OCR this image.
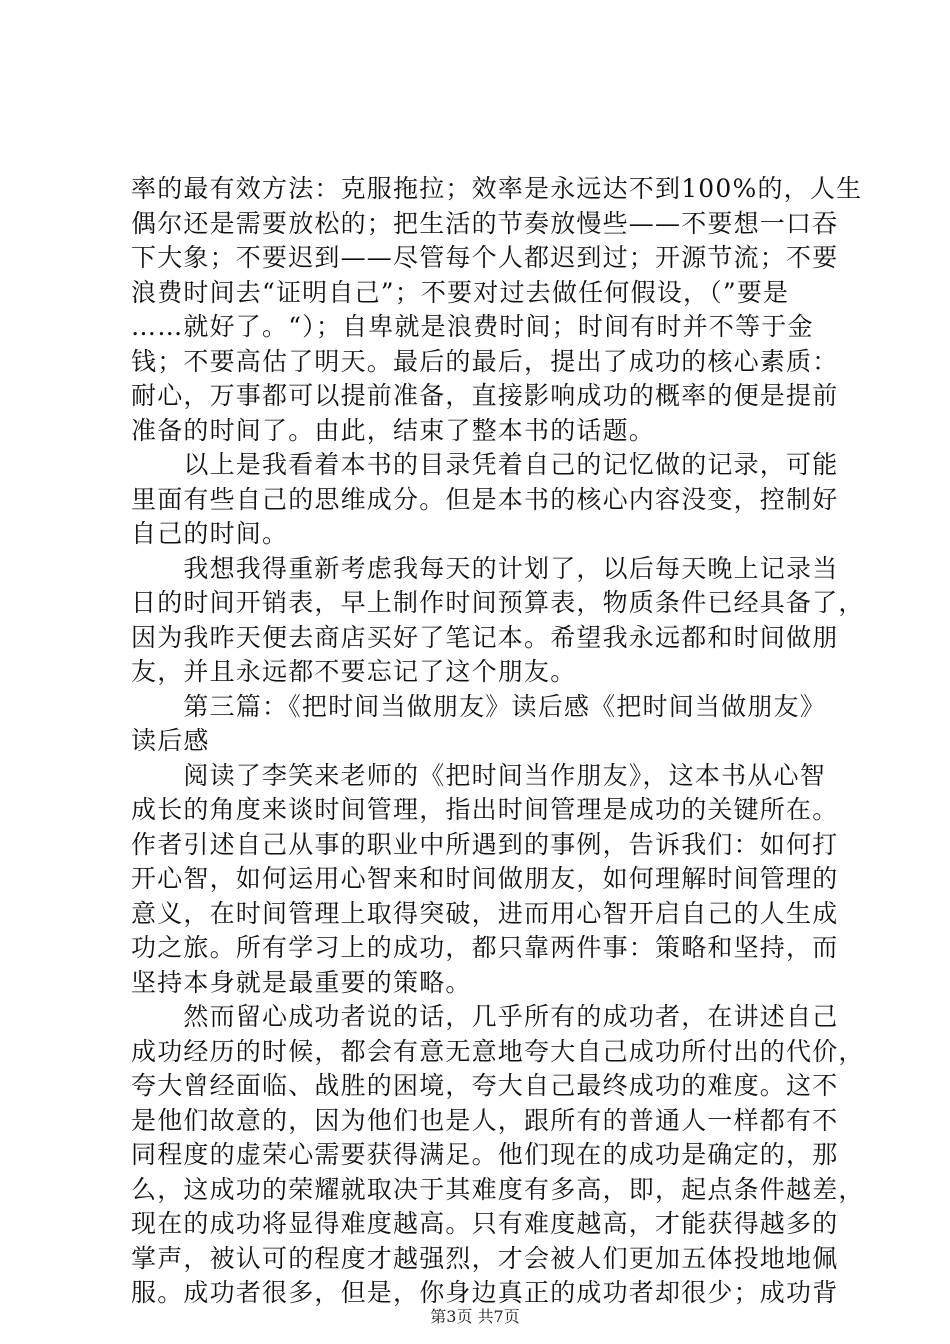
率的最有效方法：克服拖拉；效率是永远达不到100%的，人生
偶尔还是需要放松的；把生活的节奏放慢些——不要想一口吞
下大象；不要迟到——尽管每个人都迟到过；开源节流；不要
浪费时间去“证明自己”；不要对过去做任何假设，（”要是
……就好了。“）；自卑就是浪费时间；时间有时并不等于金
钱；不要高估了明天。最后的最后，提出了成功的核心素质：
耐心，万事都可以提前准备，直接影响成功的概率的便是提前
准备的时间了。由此，结束了整本书的话题。
　　以上是我看着本书的目录凭着自己的记忆做的记录，可能
里面有些自己的思维成分。但是本书的核心内容没变，控制好
自己的时间。
　　我想我得重新考虑我每天的计划了，以后每天晚上记录当
日的时间开销表，早上制作时间预算表，物质条件已经具备了，
因为我昨天便去商店买好了笔记本。希望我永远都和时间做朋
友，并且永远都不要忘记了这个朋友。
　　第三篇：《把时间当做朋友》读后感《把时间当做朋友》
读后感
　　阅读了李笑来老师的《把时间当作朋友》，这本书从心智
成长的角度来谈时间管理，指出时间管理是成功的关键所在。
作者引述自己从事的职业中所遇到的事例，告诉我们：如何打
开心智，如何运用心智来和时间做朋友，如何理解时间管理的
意义，在时间管理上取得突破，进而用心智开启自己的人生成
功之旅。所有学习上的成功，都只靠两件事：策略和坚持，而
坚持本身就是最重要的策略。
　　然而留心成功者说的话，几乎所有的成功者，在讲述自己
成功经历的时候，都会有意无意地夸大自己成功所付出的代价，
夸大曾经面临、战胜的困境，夸大自己最终成功的难度。这不
是他们故意的，因为他们也是人，跟所有的普通人一样都有不
同程度的虚荣心需要获得满足。他们现在的成功是确定的，那
么，这成功的荣耀就取决于其难度有多高，即，起点条件越差，
现在的成功将显得难度越高。只有难度越高，才能获得越多的
掌声，被认可的程度才越强烈，才会被人们更加五体投地地佩
服。成功者很多，但是，你身边真正的成功者却很少；成功背
第3页 共7页
